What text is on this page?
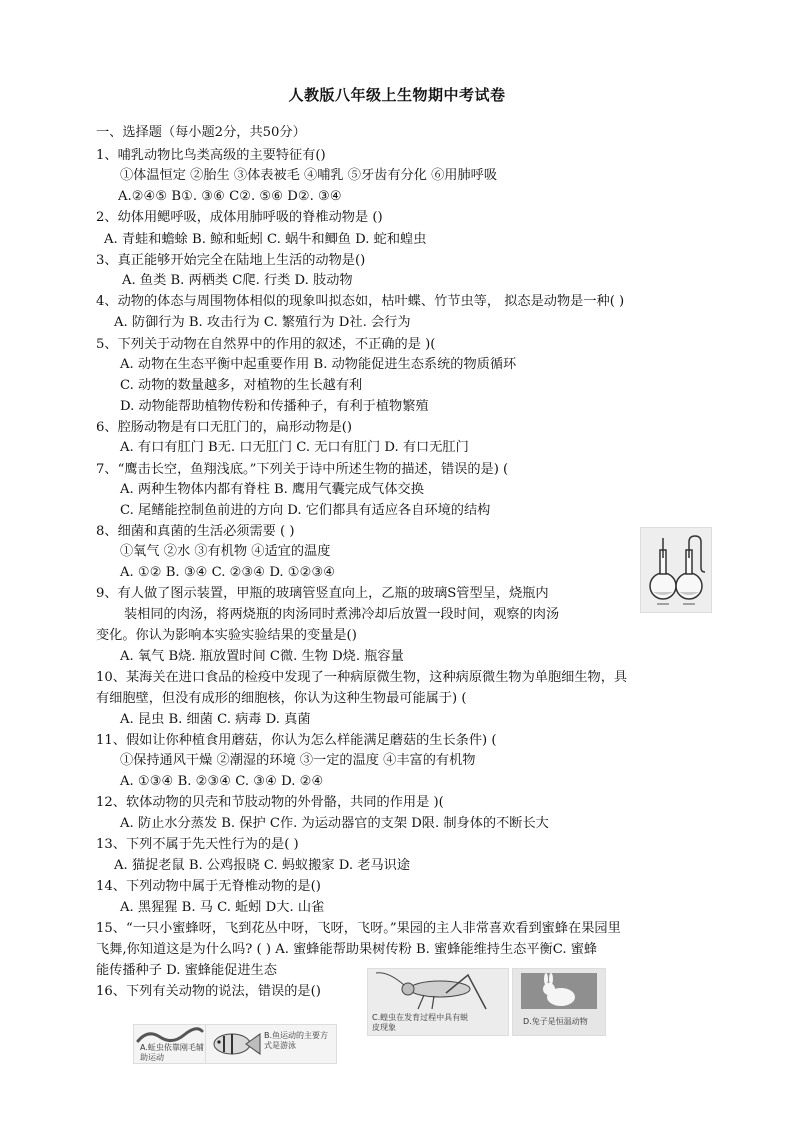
人教版八年级上生物期中考试卷
一、选择题（每小题2分，共50分）
1、哺乳动物比鸟类高级的主要特征有()
①体温恒定 ②胎生 ③体表被毛 ④哺乳 ⑤牙齿有分化 ⑥用肺呼吸
A.②④⑤ B①. ③⑥ C②. ⑤⑥ D②. ③④
2、幼体用鳃呼吸，成体用肺呼吸的脊椎动物是 ()
A. 青蛙和蟾蜍 B. 鲸和蚯蚓 C. 蜗牛和鲫鱼 D. 蛇和蝗虫
3、真正能够开始完全在陆地上生活的动物是()
A. 鱼类 B. 两栖类 C爬. 行类 D. 肢动物
4、动物的体态与周围物体相似的现象叫拟态如，枯叶蝶、竹节虫等， 拟态是动物是一种( )
A. 防御行为 B. 攻击行为 C. 繁殖行为 D社. 会行为
5、下列关于动物在自然界中的作用的叙述，不正确的是 )(
A. 动物在生态平衡中起重要作用 B. 动物能促进生态系统的物质循环
C. 动物的数量越多，对植物的生长越有利
D. 动物能帮助植物传粉和传播种子，有利于植物繁殖
6、腔肠动物是有口无肛门的，扁形动物是()
A. 有口有肛门 B无. 口无肛门 C. 无口有肛门 D. 有口无肛门
7、“鹰击长空，鱼翔浅底。”下列关于诗中所述生物的描述，错误的是) (
A. 两种生物体内都有脊柱 B. 鹰用气囊完成气体交换
C. 尾鳍能控制鱼前进的方向 D. 它们都具有适应各自环境的结构
8、细菌和真菌的生活必须需要 ( )
①氧气 ②水 ③有机物 ④适宜的温度
A. ①② B. ③④ C. ②③④ D. ①②③④
9、有人做了图示装置，甲瓶的玻璃管竖直向上，乙瓶的玻璃S管型呈，烧瓶内
装相同的肉汤，将两烧瓶的肉汤同时煮沸冷却后放置一段时间，观察的肉汤
变化。你认为影响本实验实验结果的变量是()
A. 氧气 B烧. 瓶放置时间 C微. 生物 D烧. 瓶容量
10、某海关在进口食品的检疫中发现了一种病原微生物，这种病原微生物为单胞细生物，具
有细胞壁，但没有成形的细胞核，你认为这种生物最可能属于) (
A. 昆虫 B. 细菌 C. 病毒 D. 真菌
11、假如让你种植食用蘑菇，你认为怎么样能满足蘑菇的生长条件) (
①保持通风干燥 ②潮湿的环境 ③一定的温度 ④丰富的有机物
A. ①③④ B. ②③④ C. ③④ D. ②④
12、软体动物的贝壳和节肢动物的外骨骼，共同的作用是 )(
A. 防止水分蒸发 B. 保护 C作. 为运动器官的支架 D限. 制身体的不断长大
13、下列不属于先天性行为的是( )
A. 猫捉老鼠 B. 公鸡报晓 C. 蚂蚁搬家 D. 老马识途
14、下列动物中属于无脊椎动物的是()
A. 黑猩猩 B. 马 C. 蚯蚓 D大. 山雀
15、“一只小蜜蜂呀，飞到花丛中呀，飞呀，飞呀。”果园的主人非常喜欢看到蜜蜂在果园里
飞舞,你知道这是为什么吗? ( ) A. 蜜蜂能帮助果树传粉 B. 蜜蜂能维持生态平衡C. 蜜蜂
能传播种子 D. 蜜蜂能促进生态
16、下列有关动物的说法，错误的是()
A.蚯虫依靠刚毛辅助运动
B.鱼运动的主要方式是游泳
C.蝗虫在发育过程中具有蜕皮现象
D.兔子是恒温动物
